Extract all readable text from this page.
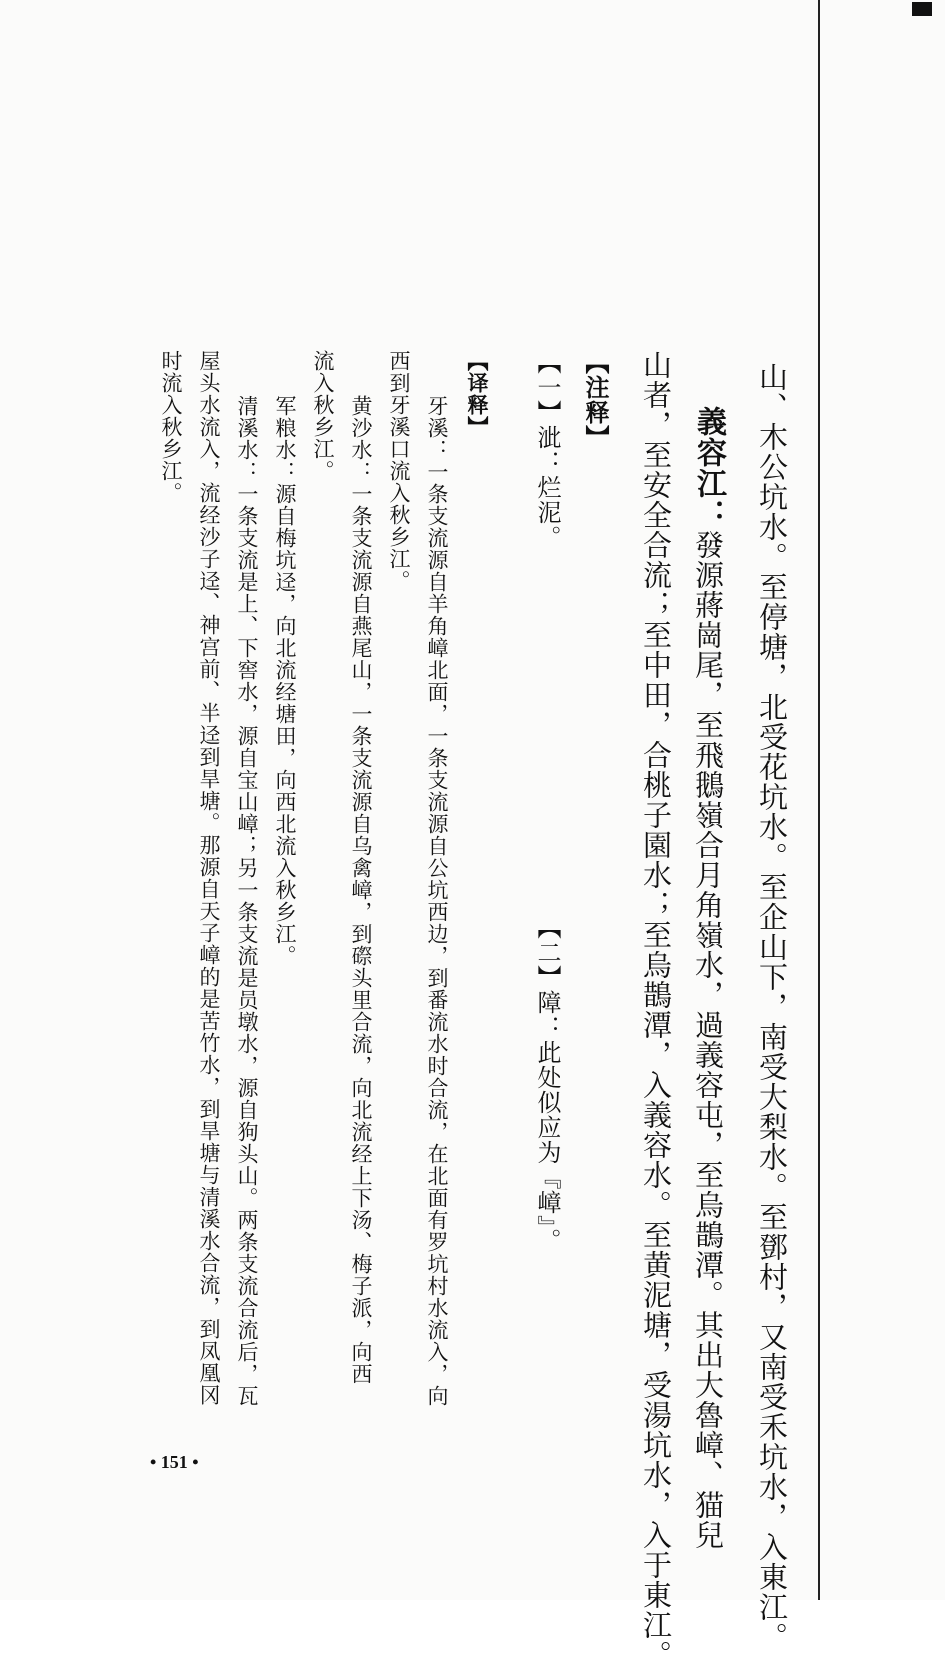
山、木公坑水。至停塘，北受花坑水。至企山下，南受大梨水。至鄧村，又南受禾坑水，入東江。
義容江：發源蔣崗尾，至飛鵝嶺合月角嶺水，過義容屯，至烏鵲潭。其出大魯嶂、猫兒
山者，至安全合流；至中田，合桃子園水；至烏鵲潭，入義容水。至黄泥塘，受湯坑水，入于東江。
【注释】
【一】泚：烂泥。
【二】障：此处似应为『嶂』。
【译释】
牙溪：一条支流源自羊角嶂北面，一条支流源自公坑西边，到番流水时合流，在北面有罗坑村水流入，向
西到牙溪口流入秋乡江。
黄沙水：一条支流源自燕尾山，一条支流源自乌禽嶂，到磜头里合流，向北流经上下汤、梅子派，向西
流入秋乡江。
军粮水：源自梅坑迳，向北流经塘田，向西北流入秋乡江。
清溪水：一条支流是上、下窖水，源自宝山嶂；另一条支流是员墩水，源自狗头山。两条支流合流后，瓦
屋头水流入，流经沙子迳、神宫前、半迳到旱塘。那源自天子嶂的是苦竹水，到旱塘与清溪水合流，到凤凰冈
时流入秋乡江。
• 151 •
